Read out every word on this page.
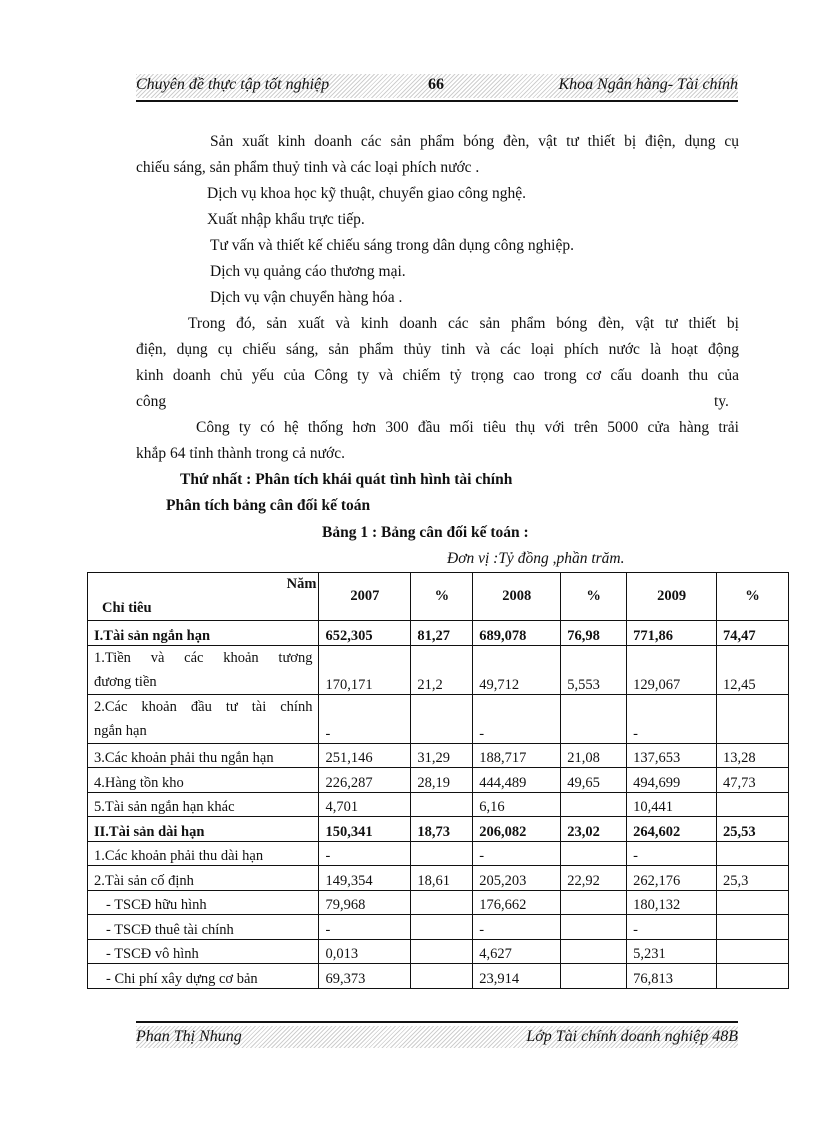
Chuyên đề thực tập tốt nghiệp	66	Khoa Ngân hàng- Tài chính
Sản xuất kinh doanh các sản phẩm bóng đèn, vật tư thiết bị điện, dụng cụ
chiếu sáng, sản phẩm thuỷ tinh và các loại phích nước .
Dịch vụ khoa học kỹ thuật, chuyển giao công nghệ.
Xuất nhập khẩu trực tiếp.
Tư vấn và thiết kế chiếu sáng trong dân dụng công nghiệp.
Dịch vụ quảng cáo thương mại.
Dịch vụ vận chuyển hàng hóa .
Trong đó, sản xuất và kinh doanh các sản phẩm bóng đèn, vật tư thiết bị
điện, dụng cụ chiếu sáng, sản phẩm thủy tinh và các loại phích nước là hoạt động
kinh doanh chủ yếu của Công ty và chiếm tỷ trọng cao trong cơ cấu doanh thu của
công	ty.
Công ty có hệ thống hơn 300 đầu mối tiêu thụ với trên 5000 cửa hàng trải
khắp 64 tỉnh thành trong cả nước.
Thứ nhất : Phân tích khái quát tình hình tài chính
Phân tích bảng cân đối kế toán
Bảng 1 : Bảng cân đối kế toán :
Đơn vị :Tỷ đồng ,phần trăm.
Năm
Chỉ tiêu	2007	%	2008	%	2009	%
I.Tài sản ngắn hạn	652,305	81,27	689,078	76,98	771,86	74,47

1.Tiền và các khoản tương
đương tiền	170,171	21,2	49,712	5,553	129,067	12,45

2.Các khoản đầu tư tài chính
ngắn hạn	-		-		-	
3.Các khoản phải thu ngắn hạn	251,146	31,29	188,717	21,08	137,653	13,28
4.Hàng tồn kho	226,287	28,19	444,489	49,65	494,699	47,73
5.Tài sản ngắn hạn khác	4,701		6,16		10,441	
II.Tài sản dài hạn	150,341	18,73	206,082	23,02	264,602	25,53
1.Các khoản phải thu dài hạn	-		-		-	
2.Tài sản cố định	149,354	18,61	205,203	22,92	262,176	25,3
- TSCĐ hữu hình	79,968		176,662		180,132	
- TSCĐ thuê tài chính	-		-		-	
- TSCĐ vô hình	0,013		4,627		5,231	
- Chi phí xây dựng cơ bản	69,373		23,914		76,813	
Phan Thị Nhung	Lớp Tài chính doanh nghiệp 48B
